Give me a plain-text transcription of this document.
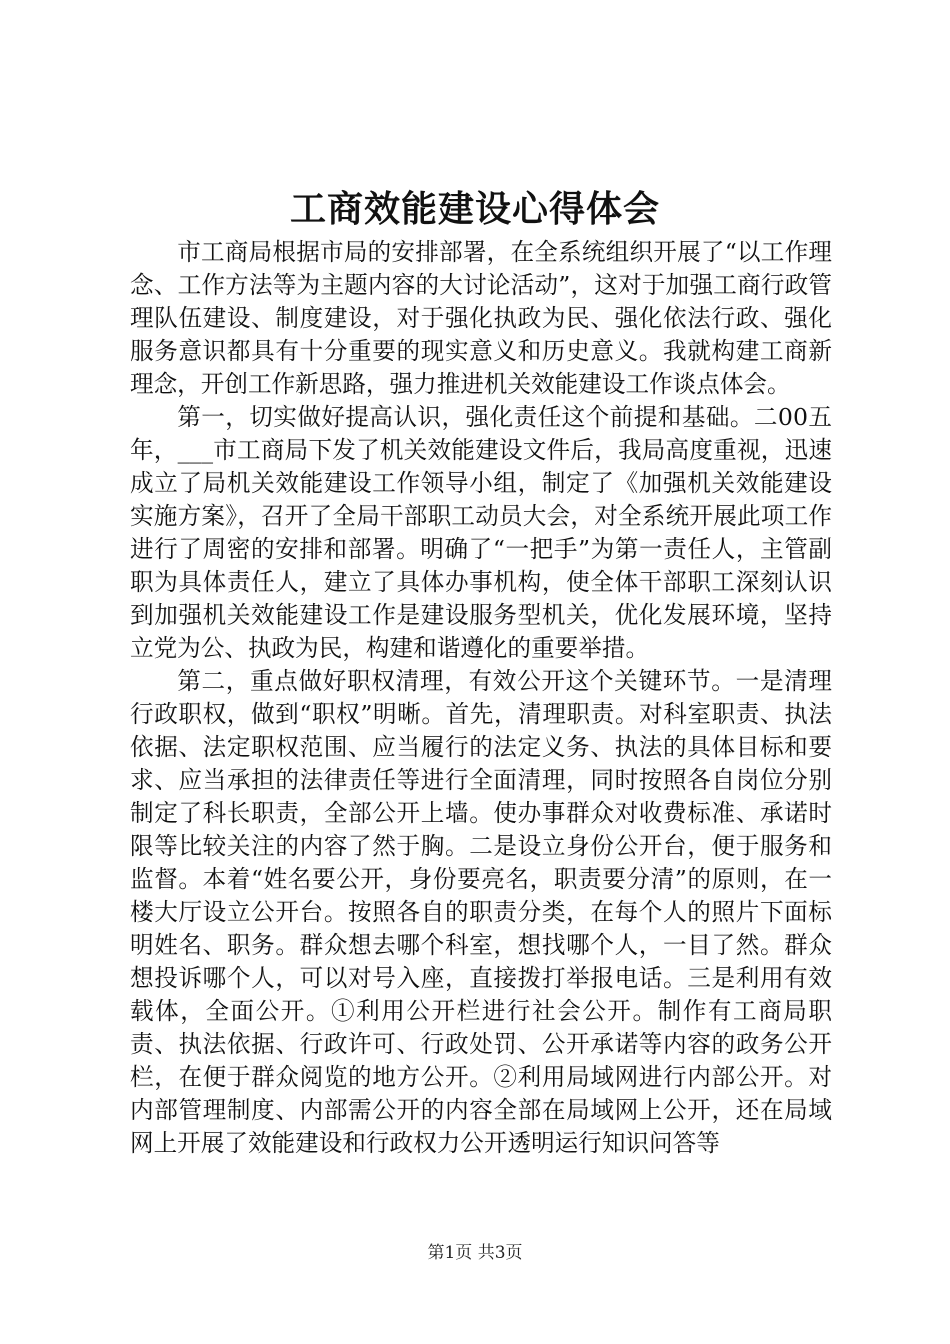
工商效能建设心得体会

市工商局根据市局的安排部署，在全系统组织开展了“以工作理念、工作方法等为主题内容的大讨论活动”，这对于加强工商行政管理队伍建设、制度建设，对于强化执政为民、强化依法行政、强化服务意识都具有十分重要的现实意义和历史意义。我就构建工商新理念，开创工作新思路，强力推进机关效能建设工作谈点体会。

第一，切实做好提高认识，强化责任这个前提和基础。二00五年，___市工商局下发了机关效能建设文件后，我局高度重视，迅速成立了局机关效能建设工作领导小组，制定了《加强机关效能建设实施方案》，召开了全局干部职工动员大会，对全系统开展此项工作进行了周密的安排和部署。明确了“一把手”为第一责任人，主管副职为具体责任人，建立了具体办事机构，使全体干部职工深刻认识到加强机关效能建设工作是建设服务型机关，优化发展环境，坚持立党为公、执政为民，构建和谐遵化的重要举措。

第二，重点做好职权清理，有效公开这个关键环节。一是清理行政职权，做到“职权”明晰。首先，清理职责。对科室职责、执法依据、法定职权范围、应当履行的法定义务、执法的具体目标和要求、应当承担的法律责任等进行全面清理，同时按照各自岗位分别制定了科长职责，全部公开上墙。使办事群众对收费标准、承诺时限等比较关注的内容了然于胸。二是设立身份公开台，便于服务和监督。本着“姓名要公开，身份要亮名，职责要分清”的原则，在一楼大厅设立公开台。按照各自的职责分类，在每个人的照片下面标明姓名、职务。群众想去哪个科室，想找哪个人，一目了然。群众想投诉哪个人，可以对号入座，直接拨打举报电话。三是利用有效载体，全面公开。①利用公开栏进行社会公开。制作有工商局职责、执法依据、行政许可、行政处罚、公开承诺等内容的政务公开栏，在便于群众阅览的地方公开。②利用局域网进行内部公开。对内部管理制度、内部需公开的内容全部在局域网上公开，还在局域网上开展了效能建设和行政权力公开透明运行知识问答等

第1页 共3页
